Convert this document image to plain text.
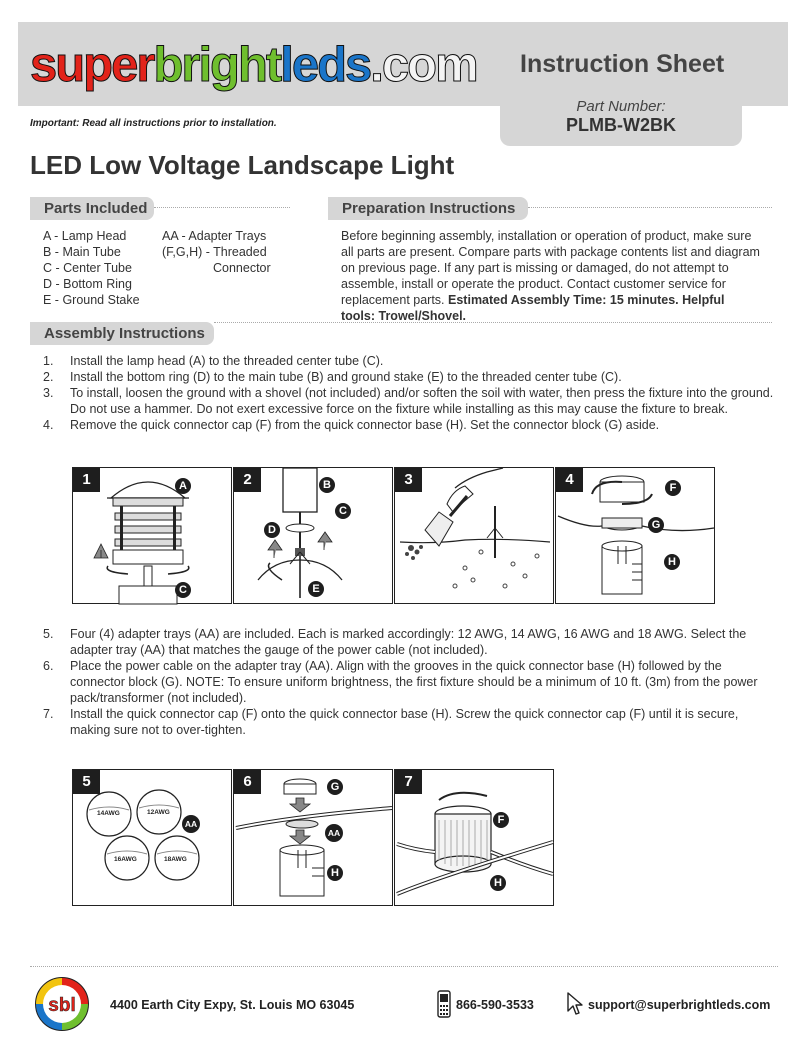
superbrightleds.com Instruction Sheet
Part Number:
PLMB-W2BK
Important: Read all instructions prior to installation.
LED Low Voltage Landscape Light
Parts Included
A - Lamp Head
B - Main Tube
C - Center Tube
D - Bottom Ring
E - Ground Stake
AA - Adapter Trays
(F,G,H) - Threaded
Connector
Preparation Instructions
Before beginning assembly, installation or operation of product, make sure all parts are present. Compare parts with package contents list and diagram on previous page. If any part is missing or damaged, do not attempt to assemble, install or operate the product. Contact customer service for replacement parts. Estimated Assembly Time: 15 minutes. Helpful tools: Trowel/Shovel.
Assembly Instructions

1. Install the lamp head (A) to the threaded center tube (C).

2. Install the bottom ring (D) to the main tube (B) and ground stake (E) to the threaded center tube (C).

3. To install, loosen the ground with a shovel (not included) and/or soften the soil with water, then press the fixture into the ground. Do not use a hammer. Do not exert excessive force on the fixture while installing as this may cause the fixture to break.

4. Remove the quick connector cap (F) from the quick connector base (H). Set the connector block (G) aside.

1	A
C
2	B
C
D
E
3	4	F
G
H

5. Four (4) adapter trays (AA) are included. Each is marked accordingly: 12 AWG, 14 AWG, 16 AWG and 18 AWG. Select the adapter tray (AA) that matches the gauge of the power cable (not included).

6. Place the power cable on the adapter tray (AA). Align with the grooves in the quick connector base (H) followed by the connector block (G). NOTE: To ensure uniform brightness, the first fixture should be a minimum of 10 ft. (3m) from the power pack/transformer (not included).

7. Install the quick connector cap (F) onto the quick connector base (H). Screw the quick connector cap (F) until it is secure, making sure not to over-tighten.

5
14AWG	12AWG
16AWG	18AWG
AA
6	G
AA
H
7
F
H
sbl	4400 Earth City Expy, St. Louis MO 63045	866-590-3533	support@superbrightleds.com
